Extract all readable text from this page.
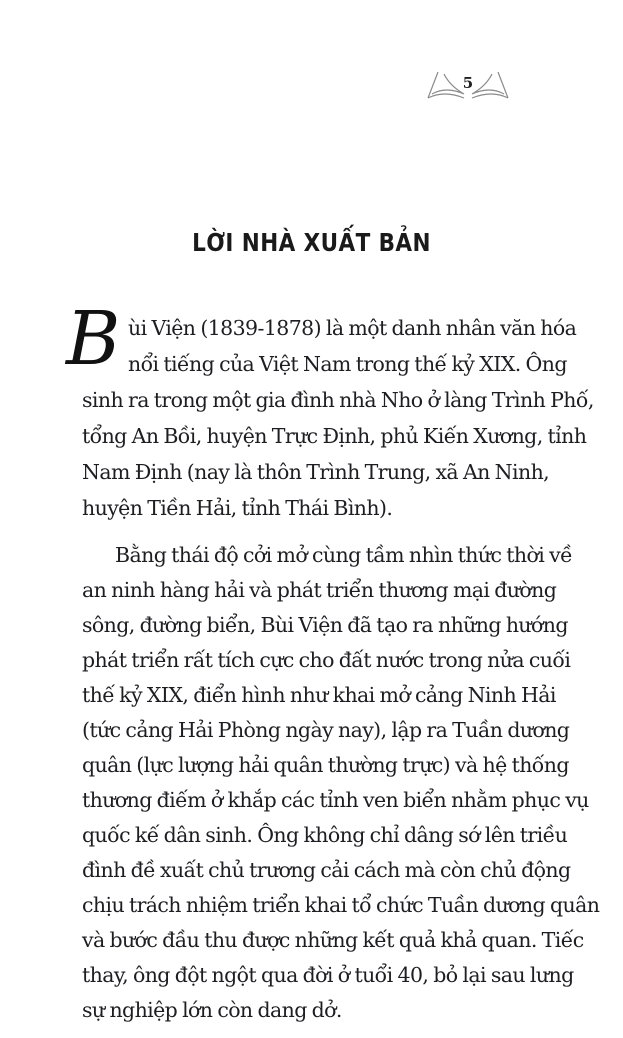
5
LỜI NHÀ XUẤT BẢN
B ùi Viện (1839-1878) là một danh nhân văn hóa
nổi tiếng của Việt Nam trong thế kỷ XIX. Ông
sinh ra trong một gia đình nhà Nho ở làng Trình Phố,
tổng An Bồi, huyện Trực Định, phủ Kiến Xương, tỉnh
Nam Định (nay là thôn Trình Trung, xã An Ninh,
huyện Tiền Hải, tỉnh Thái Bình).
Bằng thái độ cởi mở cùng tầm nhìn thức thời về
an ninh hàng hải và phát triển thương mại đường
sông, đường biển, Bùi Viện đã tạo ra những hướng
phát triển rất tích cực cho đất nước trong nửa cuối
thế kỷ XIX, điển hình như khai mở cảng Ninh Hải
(tức cảng Hải Phòng ngày nay), lập ra Tuần dương
quân (lực lượng hải quân thường trực) và hệ thống
thương điếm ở khắp các tỉnh ven biển nhằm phục vụ
quốc kế dân sinh. Ông không chỉ dâng sớ lên triều
đình đề xuất chủ trương cải cách mà còn chủ động
chịu trách nhiệm triển khai tổ chức Tuần dương quân
và bước đầu thu được những kết quả khả quan. Tiếc
thay, ông đột ngột qua đời ở tuổi 40, bỏ lại sau lưng
sự nghiệp lớn còn dang dở.
